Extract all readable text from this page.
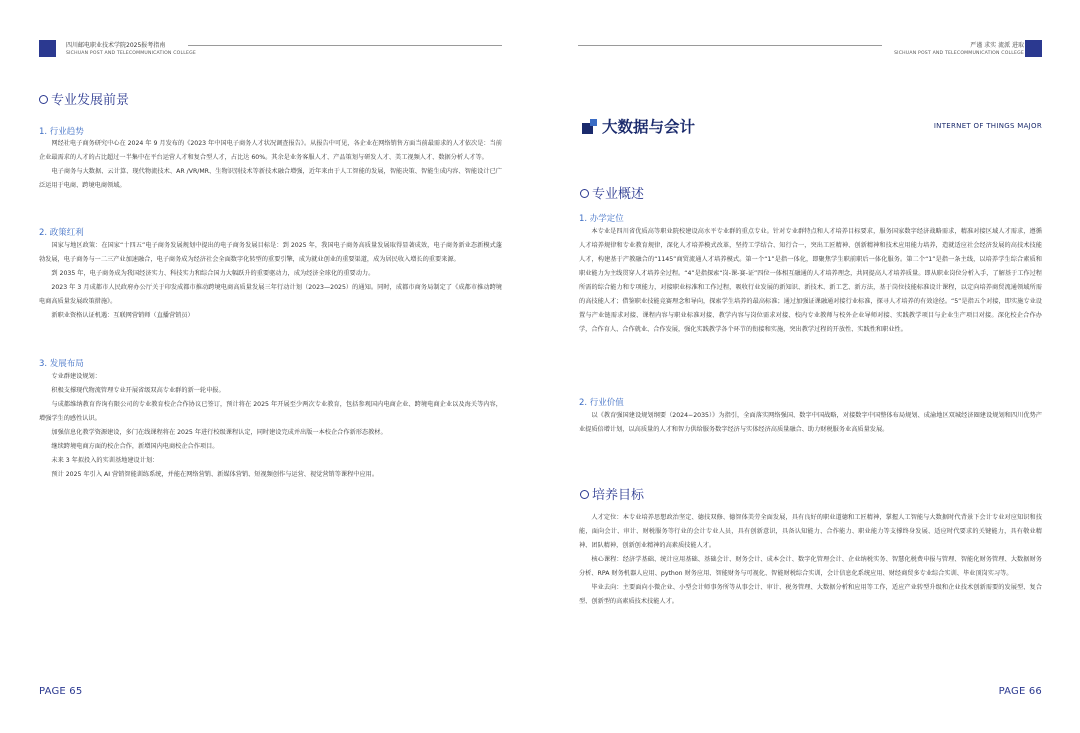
四川邮电职业技术学院2025报考指南
SICHUAN POST AND TELECOMMUNICATION COLLEGE
专业发展前景
1. 行业趋势

网经社电子商务研究中心在 2024 年 9 月发布的《2023 年中国电子商务人才状况调查报告》。从报告中可见，各企业在网络销售方面当前最需求的人才依次是：当前企业最需求的人才的占比超过一半集中在平台运营人才和复合型人才，占比达 60%。其余是业务客服人才、产品策划与研发人才、美工视频人才、数据分析人才等。

电子商务与大数据、云计算、现代物流技术、AR /VR/MR、生物识别技术等新技术融合增强，近年来由于人工智能的发展，智能决策、智能生成内容、智能设计已广泛运用于电商、跨境电商领域。

2. 政策红利

国家与地区政策：在国家“十四五”电子商务发展规划中提出的电子商务发展目标是：到 2025 年，我国电子商务高质量发展取得显著成效，电子商务新业态新模式蓬勃发展，电子商务与一二三产业加速融合，电子商务成为经济社会全面数字化转型的重要引擎，成为就业创业的重要渠道，成为居民收入增长的重要来源。

到 2035 年，电子商务成为我国经济实力、科技实力和综合国力大幅跃升的重要驱动力，成为经济全球化的重要动力。

2023 年 3 月成都市人民政府办公厅关于印发成都市推动跨境电商高质量发展三年行动计划（2023—2025）的通知。同时，成都市商务局制定了《成都市推动跨境电商高质量发展政策措施》。

新职业资格认证机遇：互联网营销师（直播营销员）

3. 发展布局

专业群建设规划：

积极支撑现代物流管理专业开展省级双高专业群的新一轮申报。

与成都维纳教育咨询有限公司的专业教育校企合作协议已签订，预计将在 2025 年开展至少两次专业教育，包括参观国内电商企业、跨境电商企业以及海关等内容，增强学生的感性认识。

加强信息化教学资源建设，多门在线课程将在 2025 年进行校级课程认定，同时建设完成并出版一本校企合作新形态教材。

继续跨境电商方面的校企合作，新增国内电商校企合作项目。

未来 3 年拟投入的实训基地建设计划：

预计 2025 年引入 AI 营销智能训练系统，并能在网络营销、新媒体营销、短视频创作与运营、视觉营销等课程中应用。

PAGE 65
严谨 求实 流派 进取
SICHUAN POST AND TELECOMMUNICATION COLLEGE
大数据与会计	INTERNET OF THINGS MAJOR
专业概述
1. 办学定位

本专业是四川省优质高等职业院校建设高水平专业群的重点专业。针对专业群特点和人才培养目标要求，服务国家数字经济战略需求，精准对接区域人才需求，遵循人才培养规律和专业教育规律，深化人才培养模式改革，坚持工学结合、知行合一，突出工匠精神、创新精神和技术应用能力培养，造就适应社会经济发展的高技术技能人才，构建基于产教融合的“1145”商贸流通人才培养模式。第一个“1”是指一体化，即聚焦学生职前职后一体化服务。第二个“1”是指一条主线，以培养学生综合素质和职业能力为主线贯穿人才培养全过程。“4”是指探索“岗-课-赛-证”四位一体相互融通的人才培养理念，共同提高人才培养质量。即从职业岗位分析入手，了解基于工作过程所需的综合能力和专项能力，对接职业标准和工作过程，吸收行业发展的新知识、新技术、新工艺、新方法，基于岗位技能标准设计课程，以定向培养商贸流通领域所需的高技能人才；借鉴职业技能竞赛理念和导向，探索学生培养的最高标准；通过加强证课融通对接行业标准，探寻人才培养的有效途径。“5”是指五个对接，即实施专业设置与产业链需求对接、课程内容与职业标准对接、教学内容与岗位需求对接、校内专业教师与校外企业导师对接、实践教学项目与企业生产项目对接。深化校企合作办学，合作育人、合作就业、合作发展，强化实践教学各个环节的衔接和实施，突出教学过程的开放性、实践性和职业性。

2. 行业价值

以《教育强国建设规划纲要（2024−2035）》为指引，全面落实网络强国、数字中国战略，对接数字中国整体布局规划、成渝地区双城经济圈建设规划和四川优势产业提质倍增计划，以高质量的人才和智力供给服务数字经济与实体经济高质量融合、助力财税服务业高质量发展。

培养目标

人才定位：本专业培养思想政治坚定、德技双修、德智体美劳全面发展，具有良好的职业道德和工匠精神，掌握人工智能与大数据时代背景下会计专业对应知识和技能，面向会计、审计、财税服务等行业的会计专业人员，具有创新意识，具备认知能力、合作能力、职业能力等支撑终身发展、适应时代要求的关键能力，具有敬业精神、团队精神，创新创业精神的高素质技能人才。

核心课程：经济学基础、统计应用基础、基础会计、财务会计、成本会计、数字化管理会计、企业纳税实务、智慧化税费申报与管理、智能化财务管理、大数据财务分析、RPA 财务机器人应用、python 财务应用、智能财务与可视化、智能财税综合实训，会计信息化系统应用、财经商贸多专业综合实训、毕业顶岗实习等。

毕业去向：主要面向小微企业、小型会计师事务所等从事会计、审计、税务管理、大数据分析和应用等工作，适应产业转型升级和企业技术创新需要的发展型、复合型、创新型的高素质技术技能人才。

PAGE 66
